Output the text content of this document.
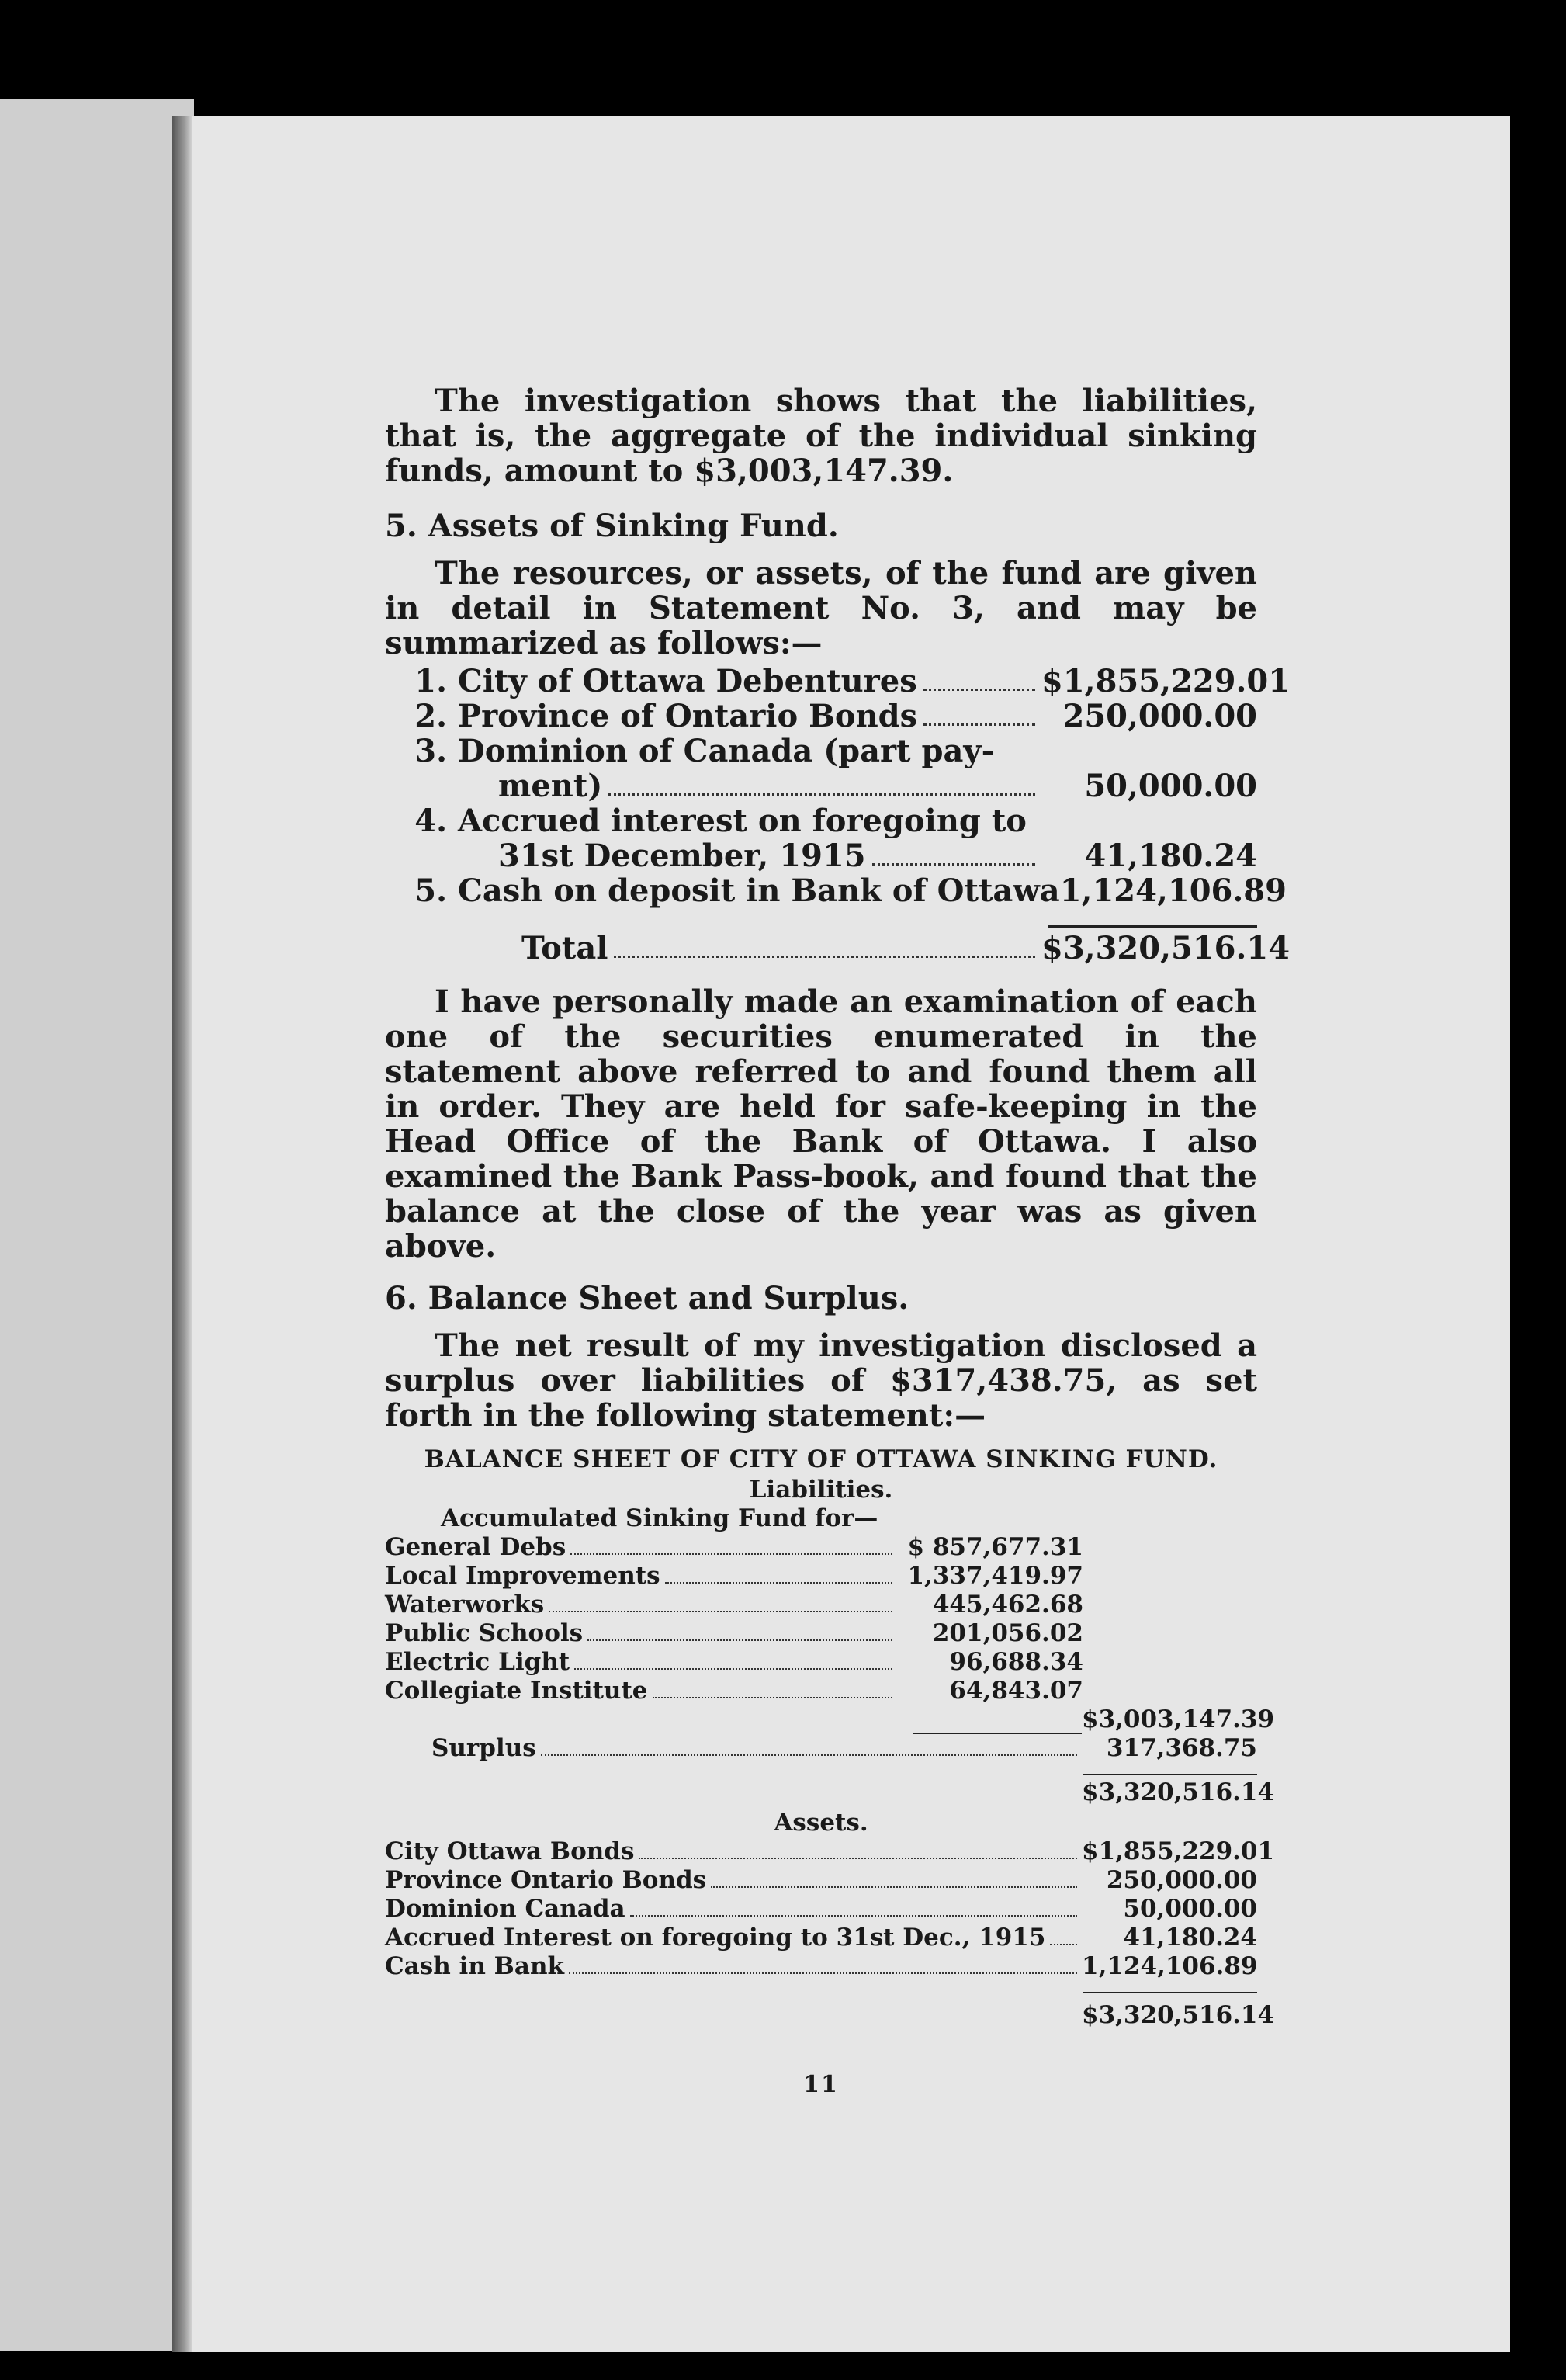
The investigation shows that the liabilities, that is, the aggregate of the individual sinking funds, amount to $3,003,147.39.

5. Assets of Sinking Fund.

The resources, or assets, of the fund are given in detail in Statement No. 3, and may be summarized as follows:—

1. City of Ottawa Debentures	$1,855,229.01
2. Province of Ontario Bonds	250,000.00
3. Dominion of Canada (part pay-
ment)	50,000.00
4. Accrued interest on foregoing to
31st December, 1915	41,180.24
5. Cash on deposit in Bank of Ottawa 1,124,106.89
Total	$3,320,516.14

I have personally made an examination of each one of the securities enumerated in the statement above referred to and found them all in order. They are held for safe-keeping in the Head Office of the Bank of Ottawa. I also examined the Bank Pass-book, and found that the balance at the close of the year was as given above.

6. Balance Sheet and Surplus.

The net result of my investigation disclosed a surplus over liabilities of $317,438.75, as set forth in the following statement:—

BALANCE SHEET OF CITY OF OTTAWA SINKING FUND.
Liabilities.
Accumulated Sinking Fund for—
General Debs	$ 857,677.31
Local Improvements	1,337,419.97
Waterworks	445,462.68
Public Schools	201,056.02
Electric Light	96,688.34
Collegiate Institute	64,843.07
$3,003,147.39
Surplus	317,368.75
$3,320,516.14
Assets.
City Ottawa Bonds	$1,855,229.01
Province Ontario Bonds	250,000.00
Dominion Canada	50,000.00
Accrued Interest on foregoing to 31st Dec., 1915	41,180.24
Cash in Bank	1,124,106.89
$3,320,516.14
11
